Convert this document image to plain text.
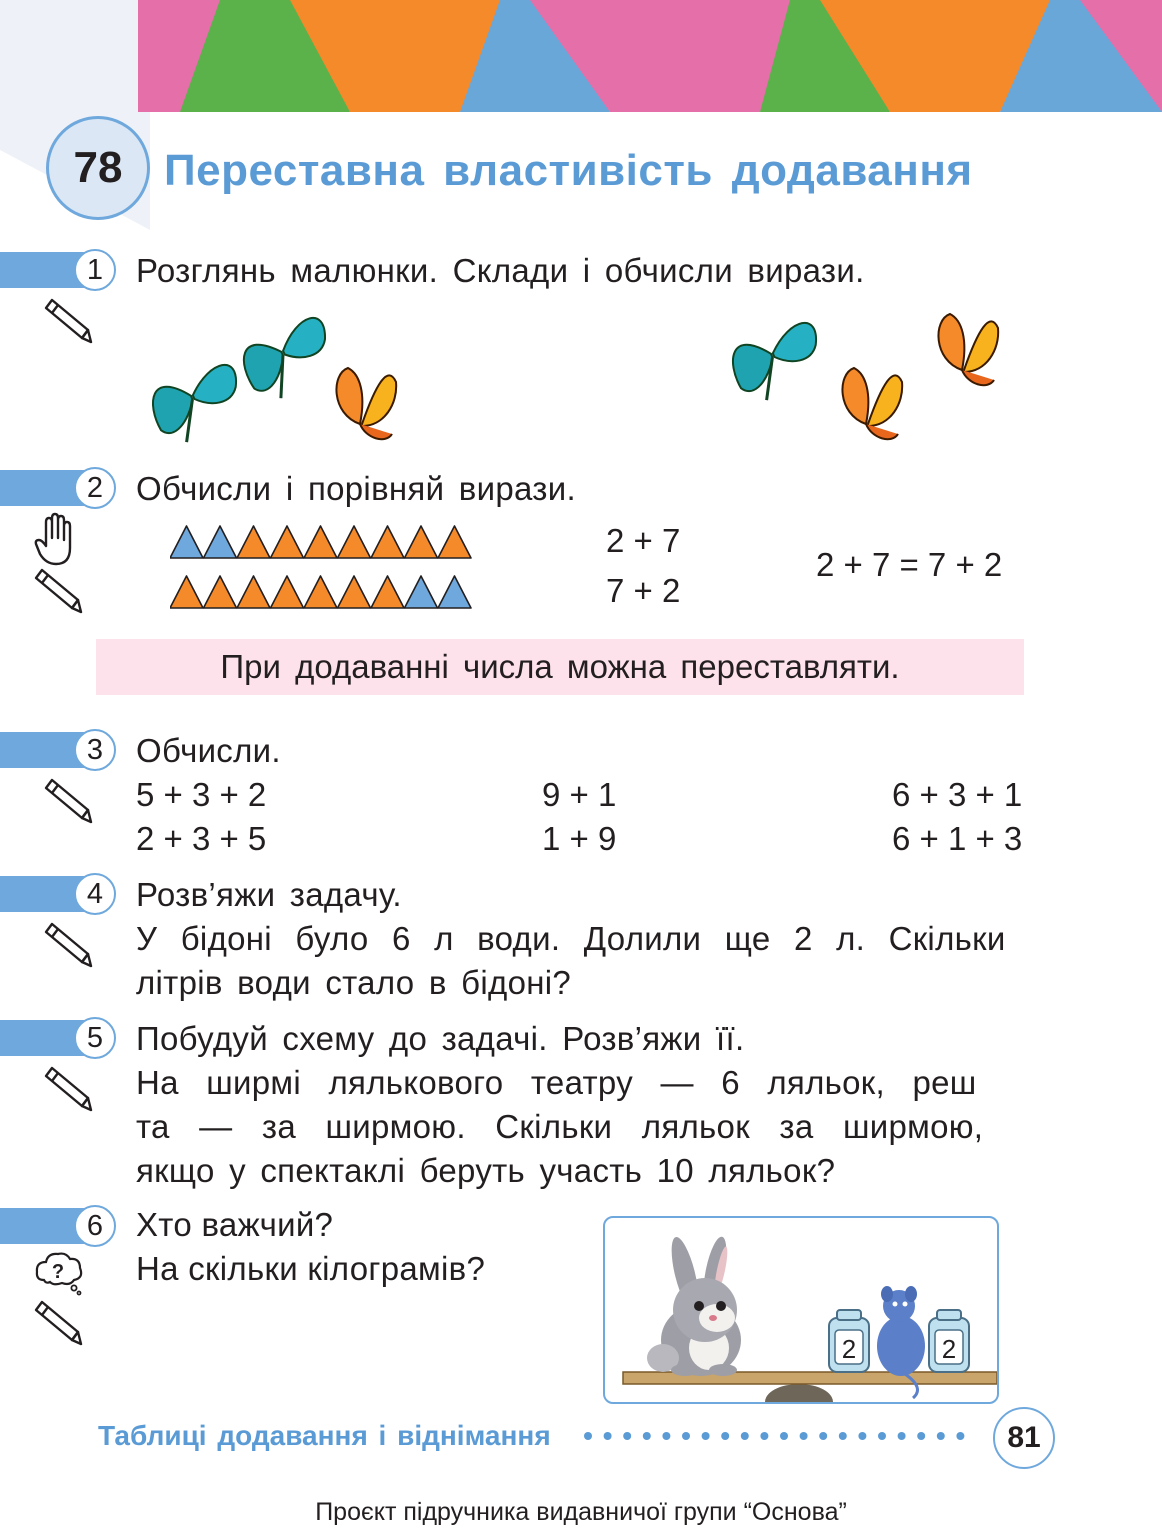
78 Переставна властивість додавання
1 Розглянь малюнки. Склади і обчисли вирази.
2 Обчисли і порівняй вирази.
2 + 7
7 + 2
2 + 7 = 7 + 2
При додаванні числа можна переставляти.
3 Обчисли.
5 + 3 + 2
2 + 3 + 5
9 + 1
1 + 9
6 + 3 + 1
6 + 1 + 3
4 Розв’яжи задачу.
У бідоні було 6 л води. Долили ще 2 л. Скільки
літрів води стало в бідоні?
5 Побудуй схему до задачі. Розв’яжи її.
На ширмі лялькового театру — 6 ляльок, реш
та — за ширмою. Скільки ляльок за ширмою,
якщо у спектаклі беруть участь 10 ляльок?
6 Хто важчий?
На скільки кілограмів?
?
2	2
Таблиці додавання і віднімання	81
Проєкт підручника видавничої групи “Основа”
